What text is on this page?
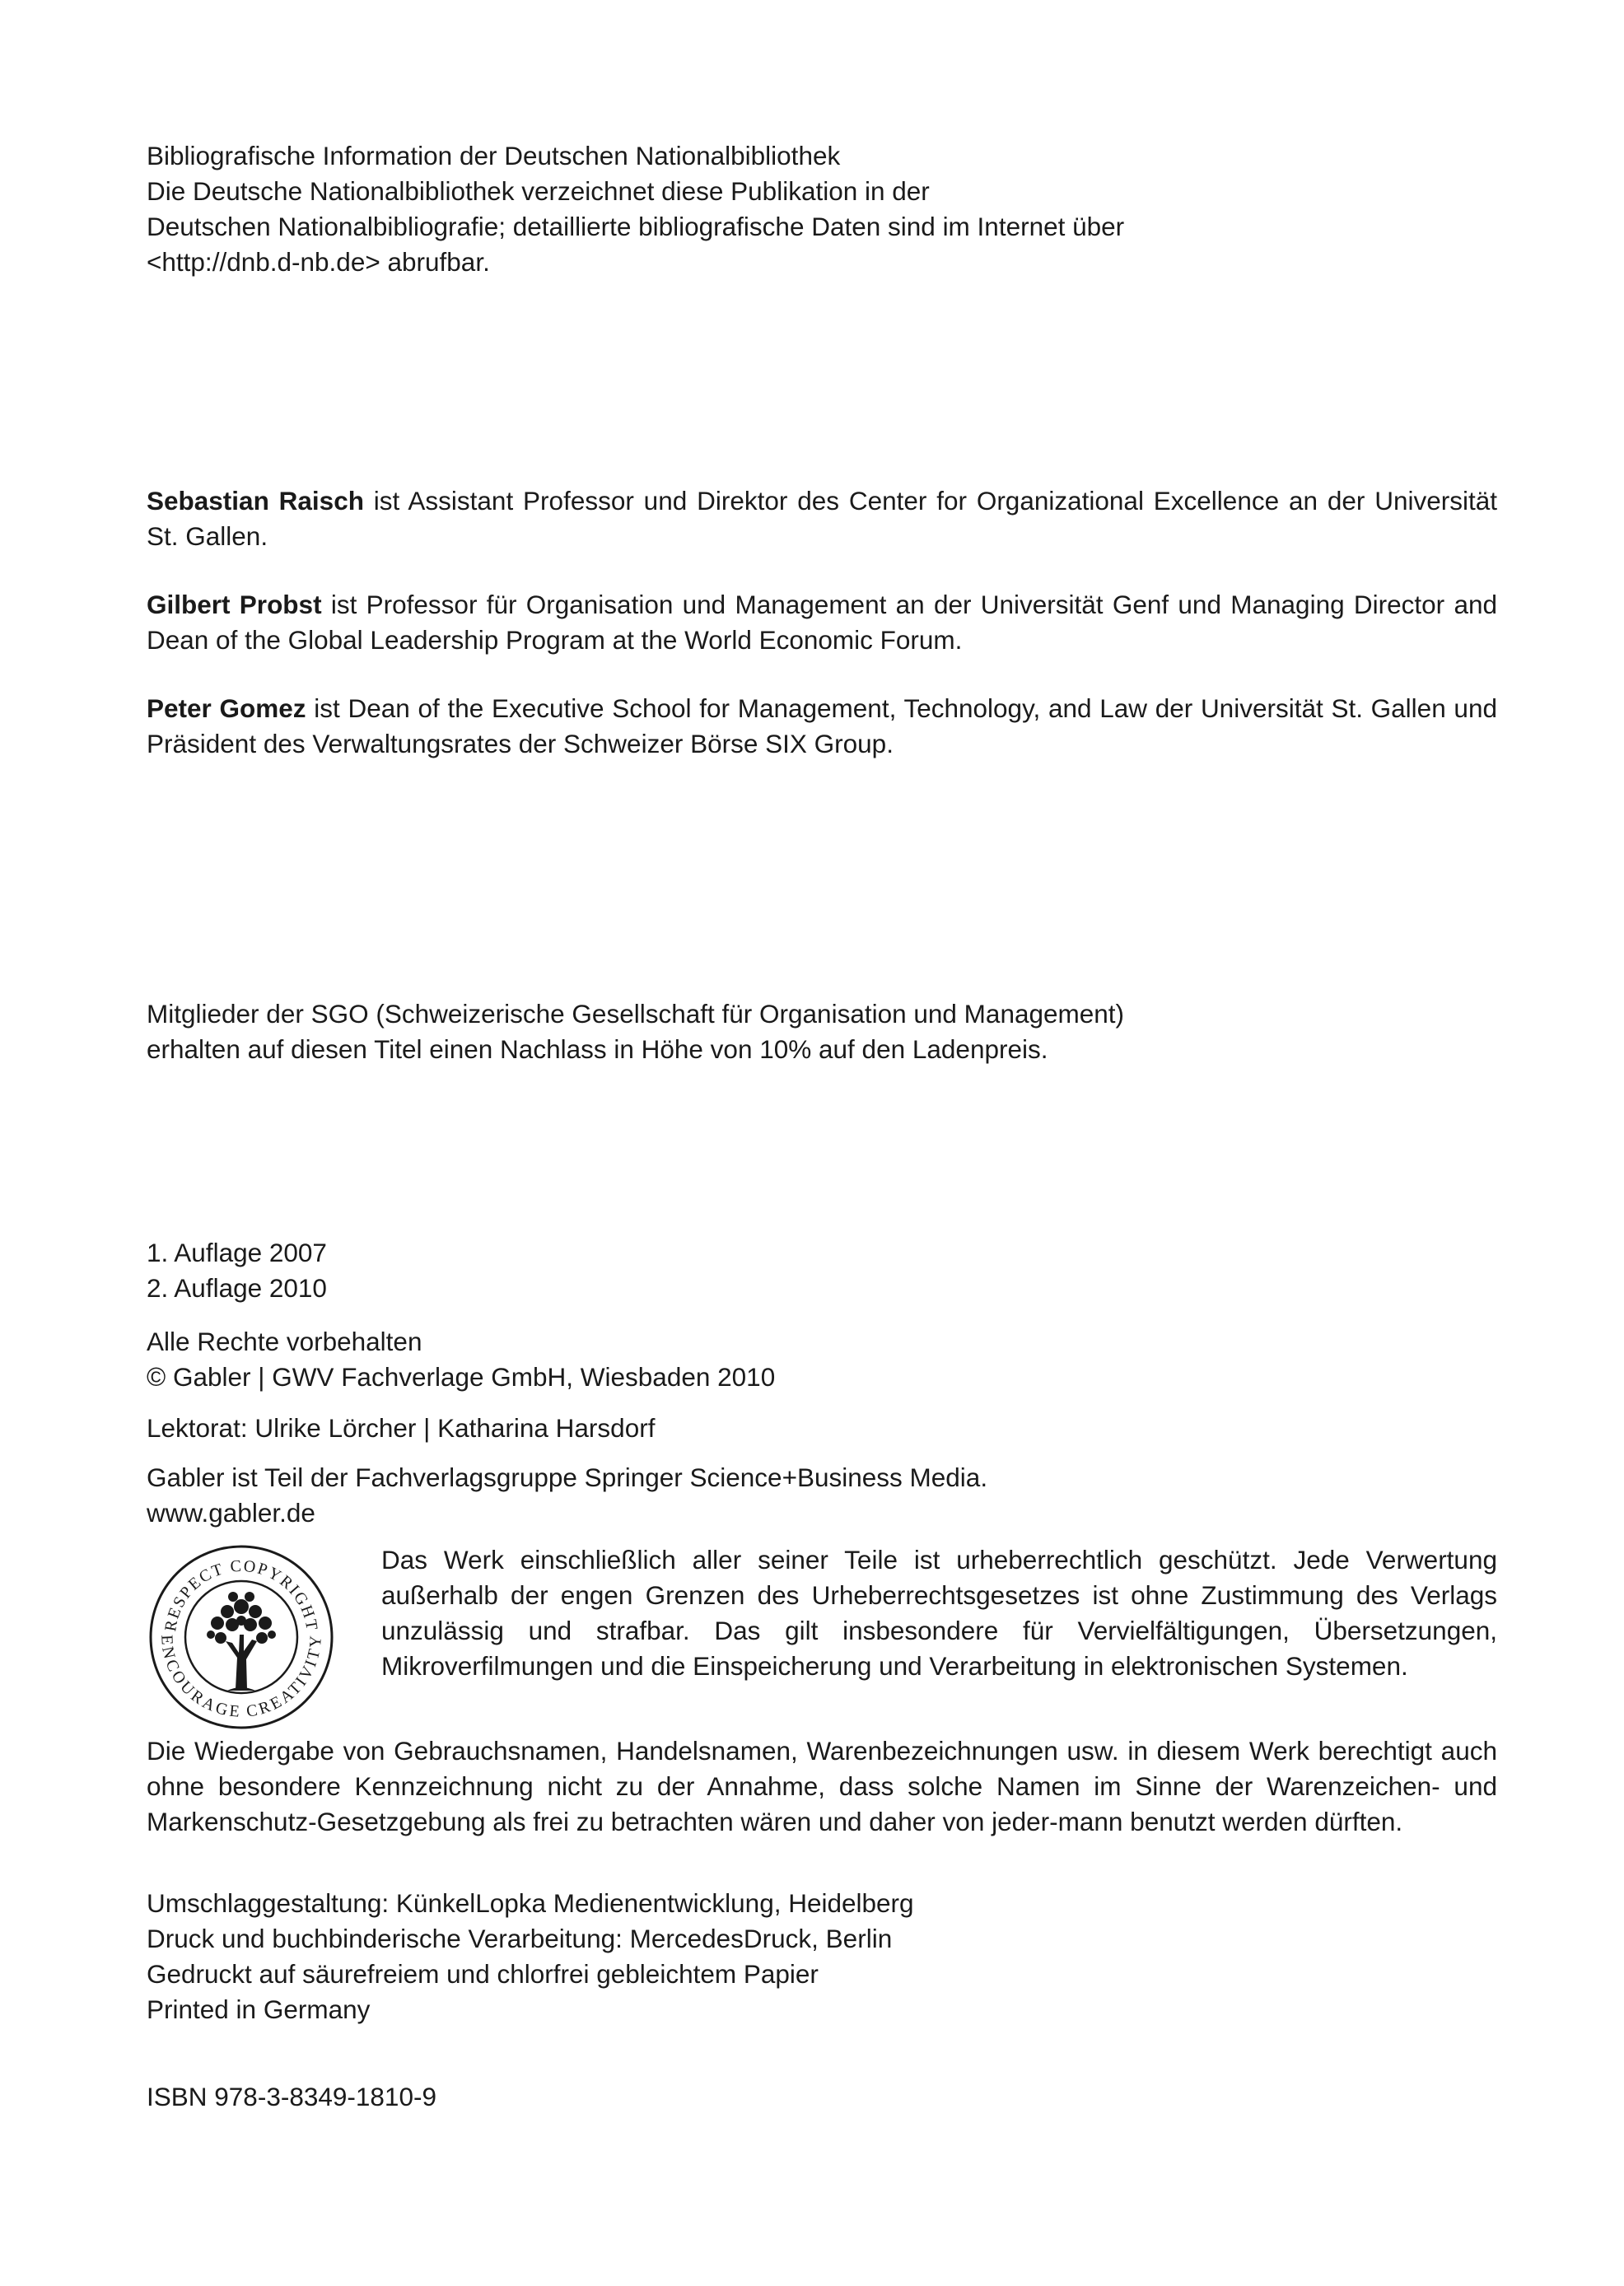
Bibliografische Information der Deutschen Nationalbibliothek
Die Deutsche Nationalbibliothek verzeichnet diese Publikation in der
Deutschen Nationalbibliografie; detaillierte bibliografische Daten sind im Internet über
<http://dnb.d-nb.de> abrufbar.

Sebastian Raisch ist Assistant Professor und Direktor des Center for Organizational Excellence an der Universität St. Gallen.

Gilbert Probst ist Professor für Organisation und Management an der Universität Genf und Managing Director and Dean of the Global Leadership Program at the World Economic Forum.

Peter Gomez ist Dean of the Executive School for Management, Technology, and Law der Universität St. Gallen und Präsident des Verwaltungsrates der Schweizer Börse SIX Group.

Mitglieder der SGO (Schweizerische Gesellschaft für Organisation und Management)
erhalten auf diesen Titel einen Nachlass in Höhe von 10% auf den Ladenpreis.
1. Auflage 2007
2. Auflage 2010
Alle Rechte vorbehalten
© Gabler | GWV Fachverlage GmbH, Wiesbaden 2010
Lektorat: Ulrike Lörcher | Katharina Harsdorf
Gabler ist Teil der Fachverlagsgruppe Springer Science+Business Media.
www.gabler.de
RESPECT COPYRIGHT
ENCOURAGE CREATIVITY

Das Werk einschließlich aller seiner Teile ist urheberrechtlich geschützt. Jede Verwertung außerhalb der engen Grenzen des Urheberrechtsgesetzes ist ohne Zustimmung des Verlags unzulässig und strafbar. Das gilt insbesondere für Vervielfältigungen, Übersetzungen, Mikroverfilmungen und die Einspeicherung und Verarbeitung in elektronischen Systemen.

Die Wiedergabe von Gebrauchsnamen, Handelsnamen, Warenbezeichnungen usw. in diesem Werk berechtigt auch ohne besondere Kennzeichnung nicht zu der Annahme, dass solche Namen im Sinne der Warenzeichen- und Markenschutz-Gesetzgebung als frei zu betrachten wären und daher von jeder-mann benutzt werden dürften.

Umschlaggestaltung: KünkelLopka Medienentwicklung, Heidelberg
Druck und buchbinderische Verarbeitung: MercedesDruck, Berlin
Gedruckt auf säurefreiem und chlorfrei gebleichtem Papier
Printed in Germany
ISBN 978-3-8349-1810-9
